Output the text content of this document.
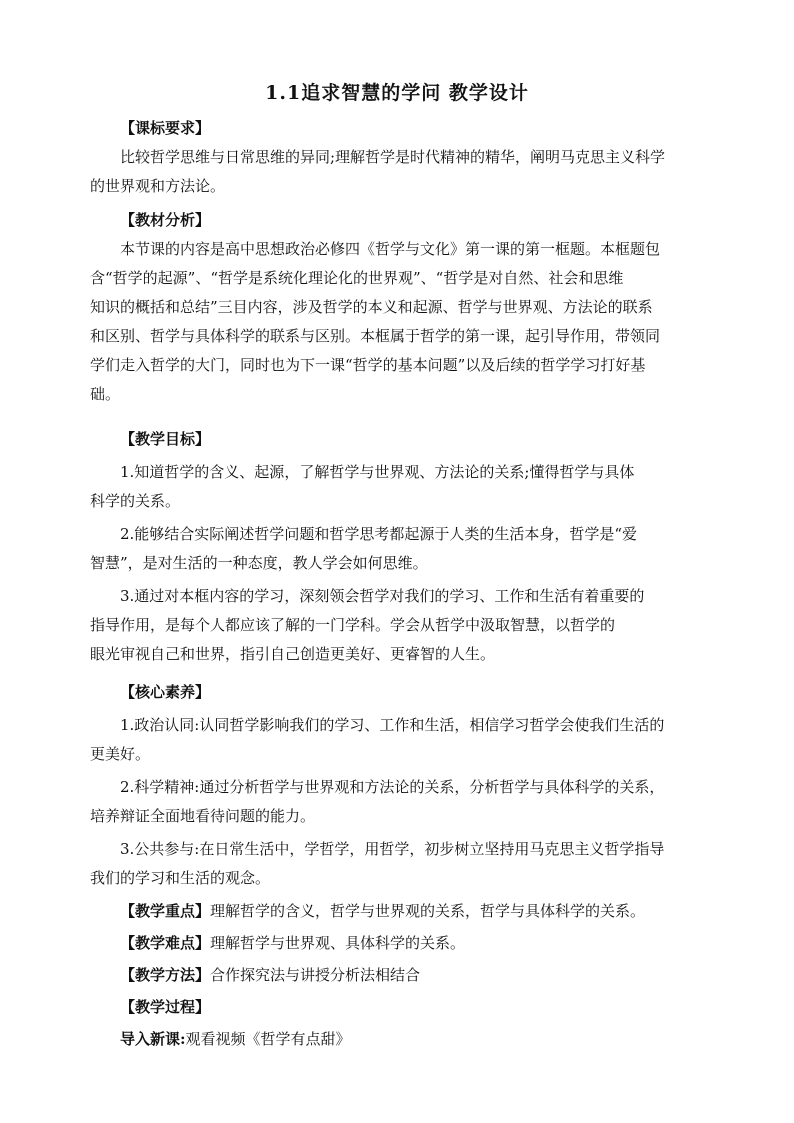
1.1追求智慧的学问 教学设计
【课标要求】
比较哲学思维与日常思维的异同;理解哲学是时代精神的精华，阐明马克思主义科学
的世界观和方法论。
【教材分析】
本节课的内容是高中思想政治必修四《哲学与文化》第一课的第一框题。本框题包
含“哲学的起源”、“哲学是系统化理论化的世界观”、“哲学是对自然、社会和思维
知识的概括和总结”三目内容，涉及哲学的本义和起源、哲学与世界观、方法论的联系
和区别、哲学与具体科学的联系与区别。本框属于哲学的第一课，起引导作用，带领同
学们走入哲学的大门，同时也为下一课“哲学的基本问题”以及后续的哲学学习打好基
础。
【教学目标】
1.知道哲学的含义、起源，了解哲学与世界观、方法论的关系;懂得哲学与具体
科学的关系。
2.能够结合实际阐述哲学问题和哲学思考都起源于人类的生活本身，哲学是“爱
智慧”，是对生活的一种态度，教人学会如何思维。
3.通过对本框内容的学习，深刻领会哲学对我们的学习、工作和生活有着重要的
指导作用，是每个人都应该了解的一门学科。学会从哲学中汲取智慧，以哲学的
眼光审视自己和世界，指引自己创造更美好、更睿智的人生。
【核心素养】
1.政治认同:认同哲学影响我们的学习、工作和生活，相信学习哲学会使我们生活的
更美好。
2.科学精神:通过分析哲学与世界观和方法论的关系，分析哲学与具体科学的关系，
培养辩证全面地看待问题的能力。
3.公共参与:在日常生活中，学哲学，用哲学，初步树立坚持用马克思主义哲学指导
我们的学习和生活的观念。
【教学重点】理解哲学的含义，哲学与世界观的关系，哲学与具体科学的关系。
【教学难点】理解哲学与世界观、具体科学的关系。
【教学方法】合作探究法与讲授分析法相结合
【教学过程】
导入新课:观看视频《哲学有点甜》
